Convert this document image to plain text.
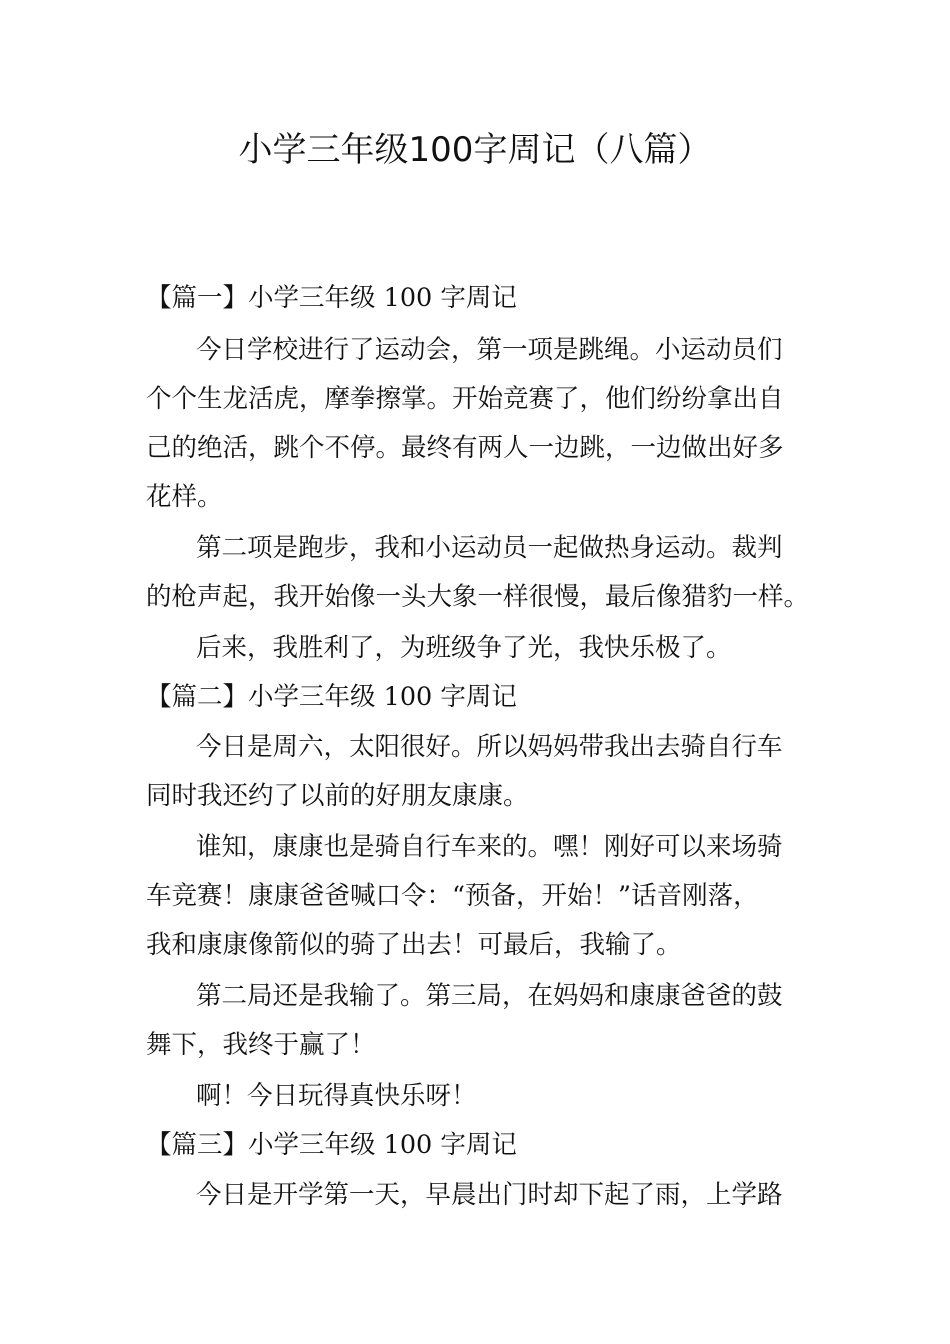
小学三年级100字周记（八篇）
【篇一】小学三年级 100 字周记
今日学校进行了运动会，第一项是跳绳。小运动员们
个个生龙活虎，摩拳擦掌。开始竞赛了，他们纷纷拿出自
己的绝活，跳个不停。最终有两人一边跳，一边做出好多
花样。
第二项是跑步，我和小运动员一起做热身运动。裁判
的枪声起，我开始像一头大象一样很慢，最后像猎豹一样。
后来，我胜利了，为班级争了光，我快乐极了。
【篇二】小学三年级 100 字周记
今日是周六，太阳很好。所以妈妈带我出去骑自行车
同时我还约了以前的好朋友康康。
谁知，康康也是骑自行车来的。嘿！刚好可以来场骑
车竞赛！康康爸爸喊口令：“预备，开始！”话音刚落，
我和康康像箭似的骑了出去！可最后，我输了。
第二局还是我输了。第三局，在妈妈和康康爸爸的鼓
舞下，我终于赢了！
啊！今日玩得真快乐呀！
【篇三】小学三年级 100 字周记
今日是开学第一天，早晨出门时却下起了雨，上学路
